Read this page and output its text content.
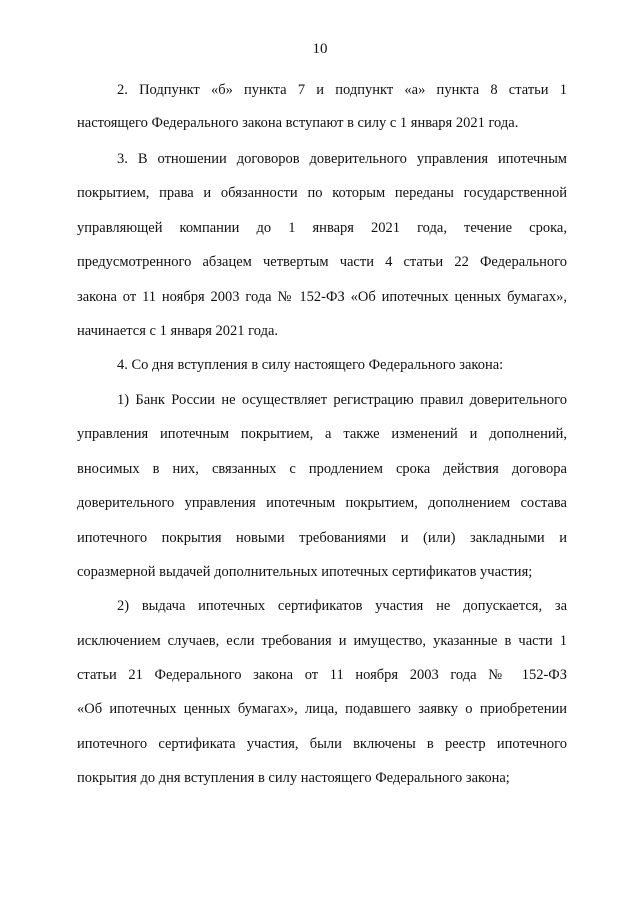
10
2. Подпункт «б» пункта 7 и подпункт «а» пункта 8 статьи 1
настоящего Федерального закона вступают в силу с 1 января 2021 года.
3. В отношении договоров доверительного управления ипотечным
покрытием, права и обязанности по которым переданы государственной
управляющей компании до 1 января 2021 года, течение срока,
предусмотренного абзацем четвертым части 4 статьи 22 Федерального
закона от 11 ноября 2003 года № 152-ФЗ «Об ипотечных ценных бумагах»,
начинается с 1 января 2021 года.
4. Со дня вступления в силу настоящего Федерального закона:
1) Банк России не осуществляет регистрацию правил доверительного
управления ипотечным покрытием, а также изменений и дополнений,
вносимых в них, связанных с продлением срока действия договора
доверительного управления ипотечным покрытием, дополнением состава
ипотечного покрытия новыми требованиями и (или) закладными и
соразмерной выдачей дополнительных ипотечных сертификатов участия;
2) выдача ипотечных сертификатов участия не допускается, за
исключением случаев, если требования и имущество, указанные в части 1
статьи 21 Федерального закона от 11 ноября 2003 года № 152-ФЗ
«Об ипотечных ценных бумагах», лица, подавшего заявку о приобретении
ипотечного сертификата участия, были включены в реестр ипотечного
покрытия до дня вступления в силу настоящего Федерального закона;
